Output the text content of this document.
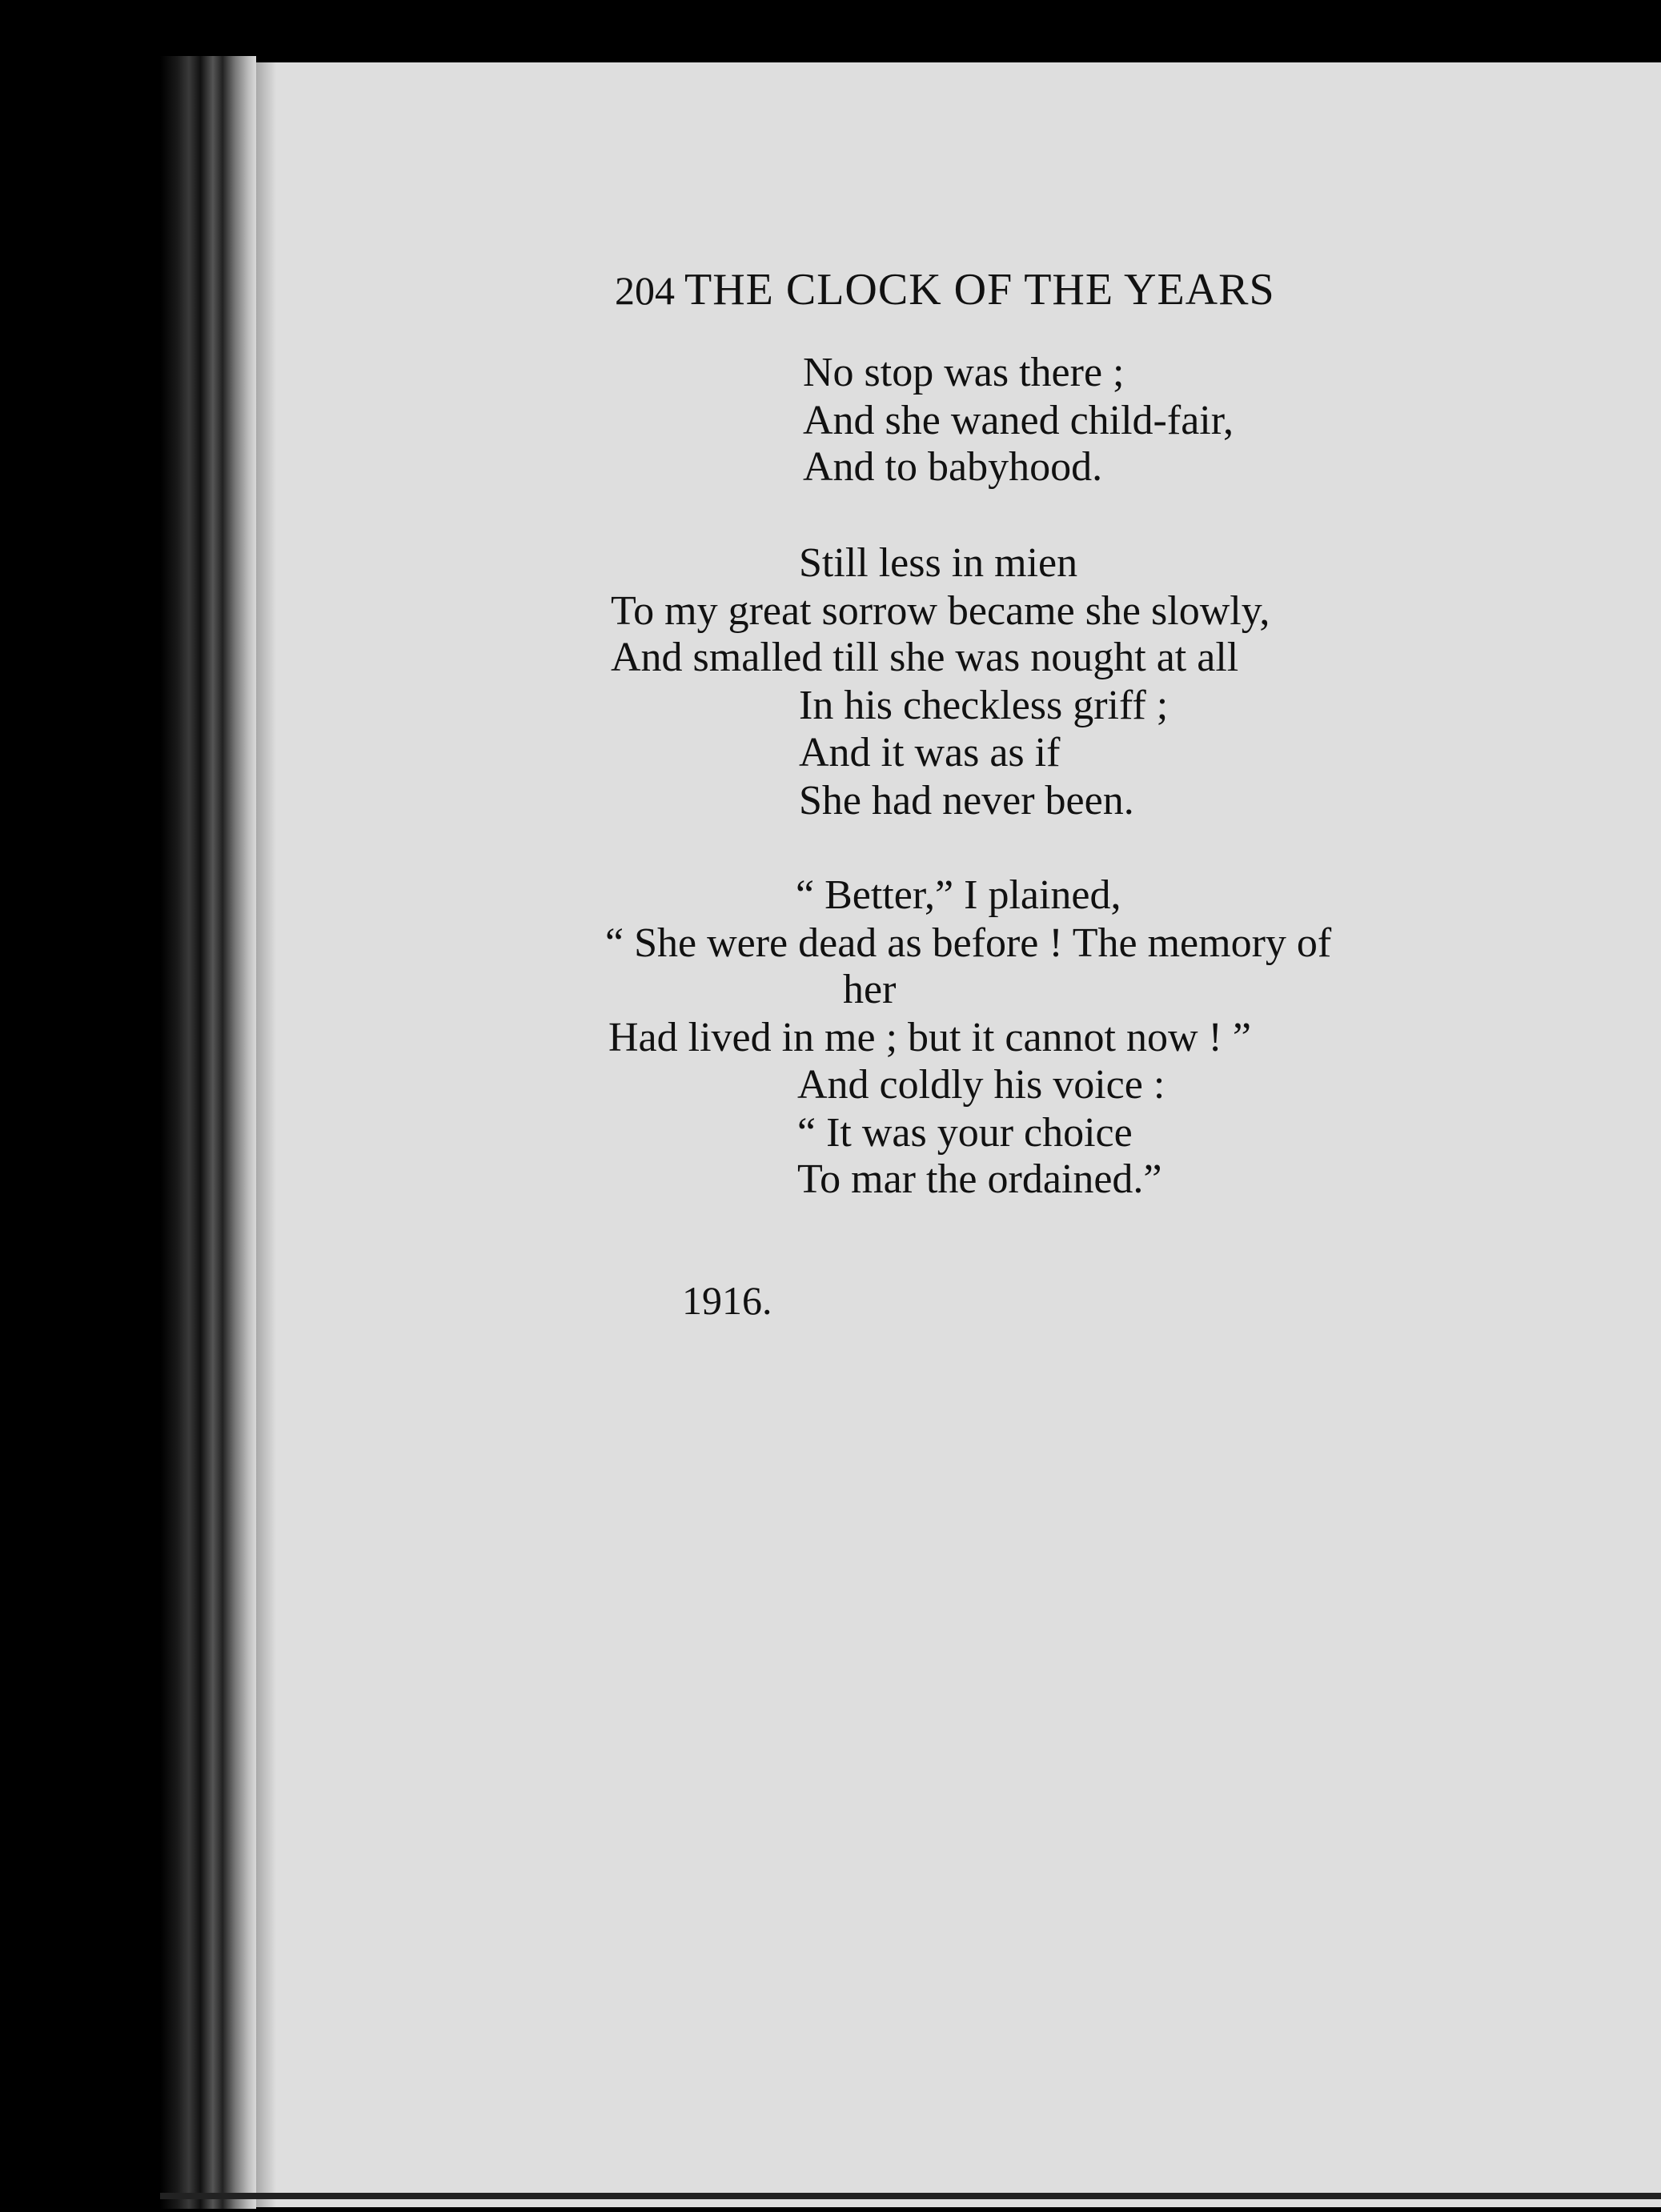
204 THE CLOCK OF THE YEARS
No stop was there ;
And she waned child-fair,
And to babyhood.
Still less in mien
To my great sorrow became she slowly,
And smalled till she was nought at all
In his checkless griff ;
And it was as if
She had never been.
“ Better,” I plained,
“ She were dead as before ! The memory of
her
Had lived in me ; but it cannot now ! ”
And coldly his voice :
“ It was your choice
To mar the ordained.”
1916.
